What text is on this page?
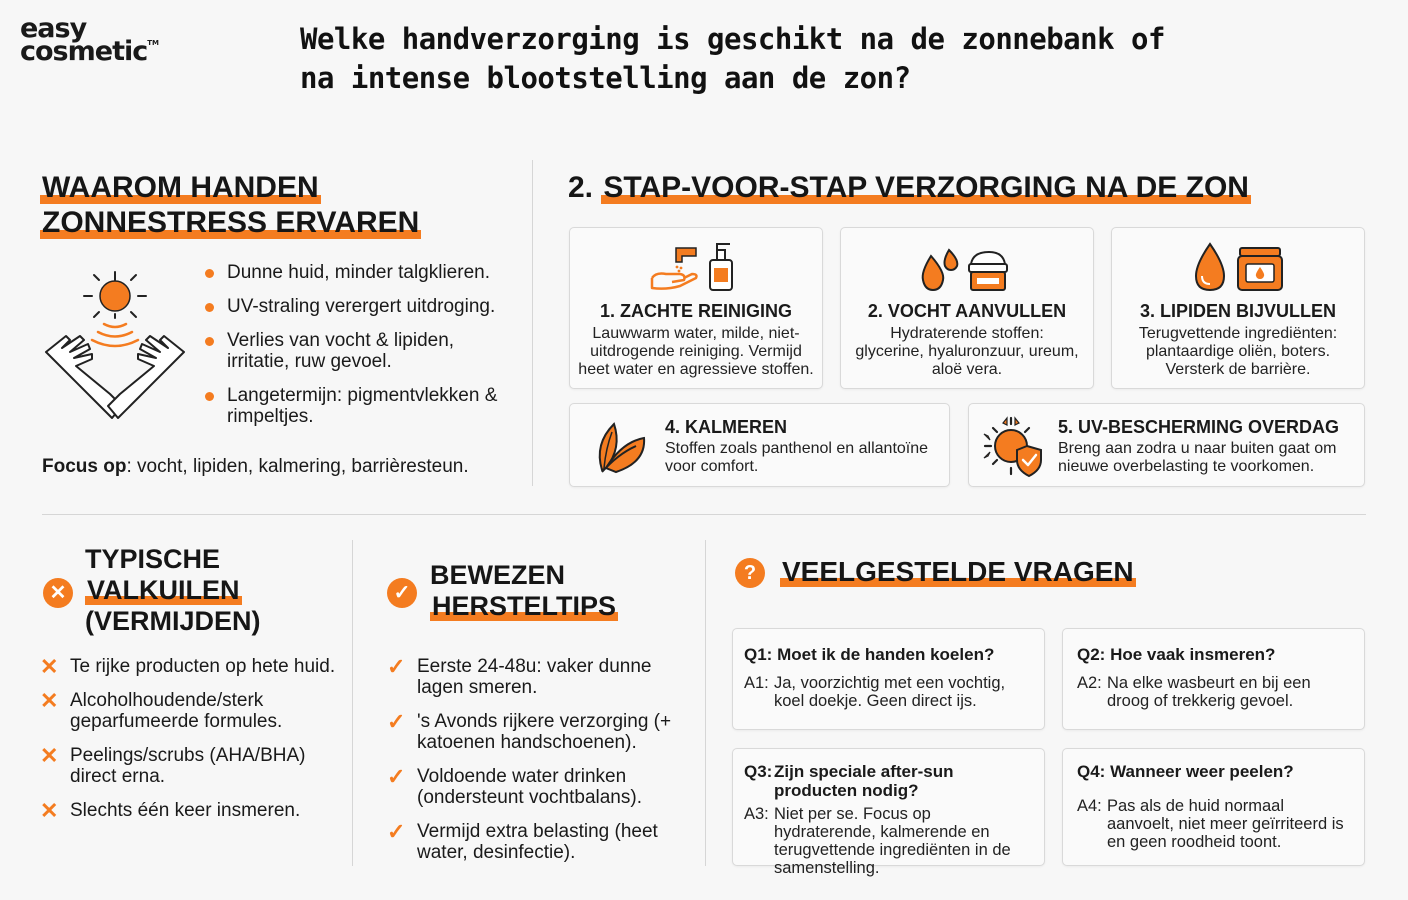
easy
cosmetic™	Welke handverzorging is geschikt na de zonnebank of na intense blootstelling aan de zon?
WAAROM HANDEN
ZONNESTRESS ERVAREN
Dunne huid, minder talgklieren.
UV-straling verergert uitdroging.
Verlies van vocht & lipiden, irritatie, ruw gevoel.
Langetermijn: pigmentvlekken & rimpeltjes.
Focus op: vocht, lipiden, kalmering, barrièresteun.
2. STAP-VOOR-STAP VERZORGING NA DE ZON
1. ZACHTE REINIGING
Lauwwarm water, milde, niet-uitdrogende reiniging. Vermijd heet water en agressieve stoffen.
2. VOCHT AANVULLEN
Hydraterende stoffen: glycerine, hyaluronzuur, ureum, aloë vera.
3. LIPIDEN BIJVULLEN
Terugvettende ingrediënten: plantaardige oliën, boters. Versterk de barrière.
4. KALMEREN
Stoffen zoals panthenol en allantoïne voor comfort.
5. UV-BESCHERMING OVERDAG
Breng aan zodra u naar buiten gaat om nieuwe overbelasting te voorkomen.
✕
TYPISCHE
VALKUILEN
(VERMIJDEN)
✕ Te rijke producten op hete huid.
✕ Alcoholhoudende/sterk geparfumeerde formules.
✕ Peelings/scrubs (AHA/BHA) direct erna.
✕ Slechts één keer insmeren.
✓
BEWEZEN
HERSTELTIPS
✓ Eerste 24-48u: vaker dunne lagen smeren.
✓ 's Avonds rijkere verzorging (+ katoenen handschoenen).
✓ Voldoende water drinken (ondersteunt vochtbalans).
✓ Vermijd extra belasting (heet water, desinfectie).
? VEELGESTELDE VRAGEN
Q1: Moet ik de handen koelen?
A1: Ja, voorzichtig met een vochtig, koel doekje. Geen direct ijs.
Q2: Hoe vaak insmeren?
A2: Na elke wasbeurt en bij een droog of trekkerig gevoel.
Q3: Zijn speciale after-sun producten nodig?
A3: Niet per se. Focus op hydraterende, kalmerende en terugvettende ingrediënten in de samenstelling.
Q4: Wanneer weer peelen?
A4: Pas als de huid normaal aanvoelt, niet meer geïrriteerd is en geen roodheid toont.
